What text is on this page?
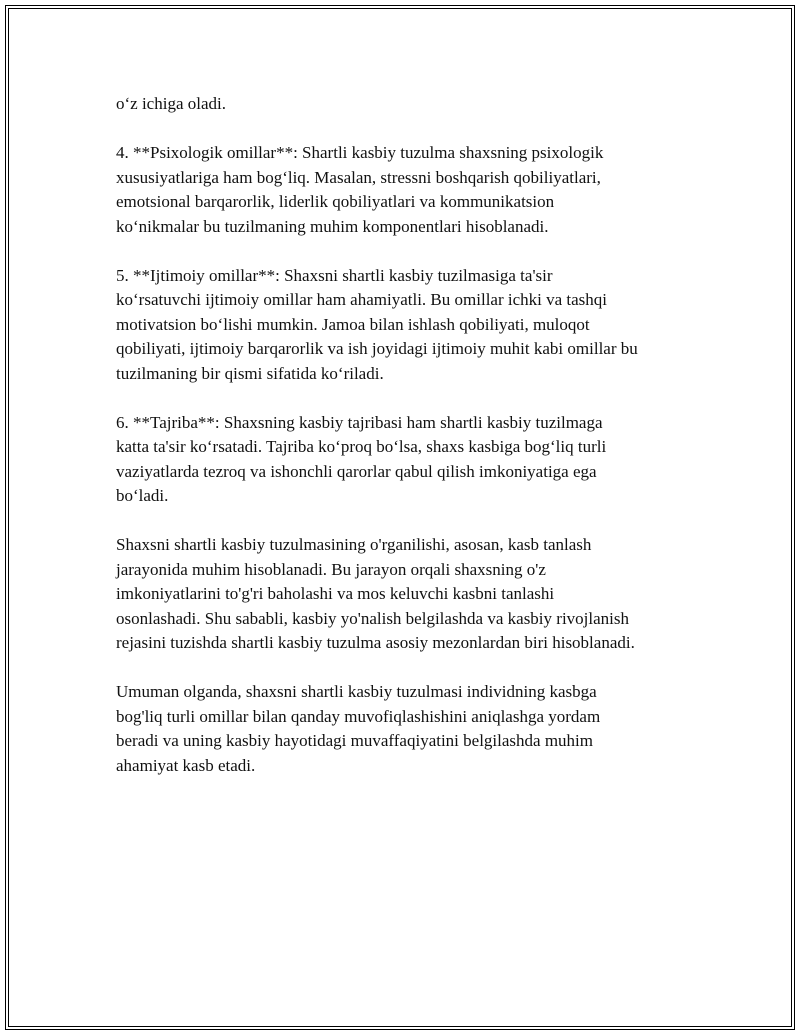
o‘z ichiga oladi.

4. **Psixologik omillar**: Shartli kasbiy tuzulma shaxsning psixologik
xususiyatlariga ham bog‘liq. Masalan, stressni boshqarish qobiliyatlari,
emotsional barqarorlik, liderlik qobiliyatlari va kommunikatsion
ko‘nikmalar bu tuzilmaning muhim komponentlari hisoblanadi.

5. **Ijtimoiy omillar**: Shaxsni shartli kasbiy tuzilmasiga ta'sir
ko‘rsatuvchi ijtimoiy omillar ham ahamiyatli. Bu omillar ichki va tashqi
motivatsion bo‘lishi mumkin. Jamoa bilan ishlash qobiliyati, muloqot
qobiliyati, ijtimoiy barqarorlik va ish joyidagi ijtimoiy muhit kabi omillar bu
tuzilmaning bir qismi sifatida ko‘riladi.

6. **Tajriba**: Shaxsning kasbiy tajribasi ham shartli kasbiy tuzilmaga
katta ta'sir ko‘rsatadi. Tajriba ko‘proq bo‘lsa, shaxs kasbiga bog‘liq turli
vaziyatlarda tezroq va ishonchli qarorlar qabul qilish imkoniyatiga ega
bo‘ladi.

Shaxsni shartli kasbiy tuzulmasining o'rganilishi, asosan, kasb tanlash
jarayonida muhim hisoblanadi. Bu jarayon orqali shaxsning o'z
imkoniyatlarini to'g'ri baholashi va mos keluvchi kasbni tanlashi
osonlashadi. Shu sababli, kasbiy yo'nalish belgilashda va kasbiy rivojlanish
rejasini tuzishda shartli kasbiy tuzulma asosiy mezonlardan biri hisoblanadi.

Umuman olganda, shaxsni shartli kasbiy tuzulmasi individning kasbga
bog'liq turli omillar bilan qanday muvofiqlashishini aniqlashga yordam
beradi va uning kasbiy hayotidagi muvaffaqiyatini belgilashda muhim
ahamiyat kasb etadi.
